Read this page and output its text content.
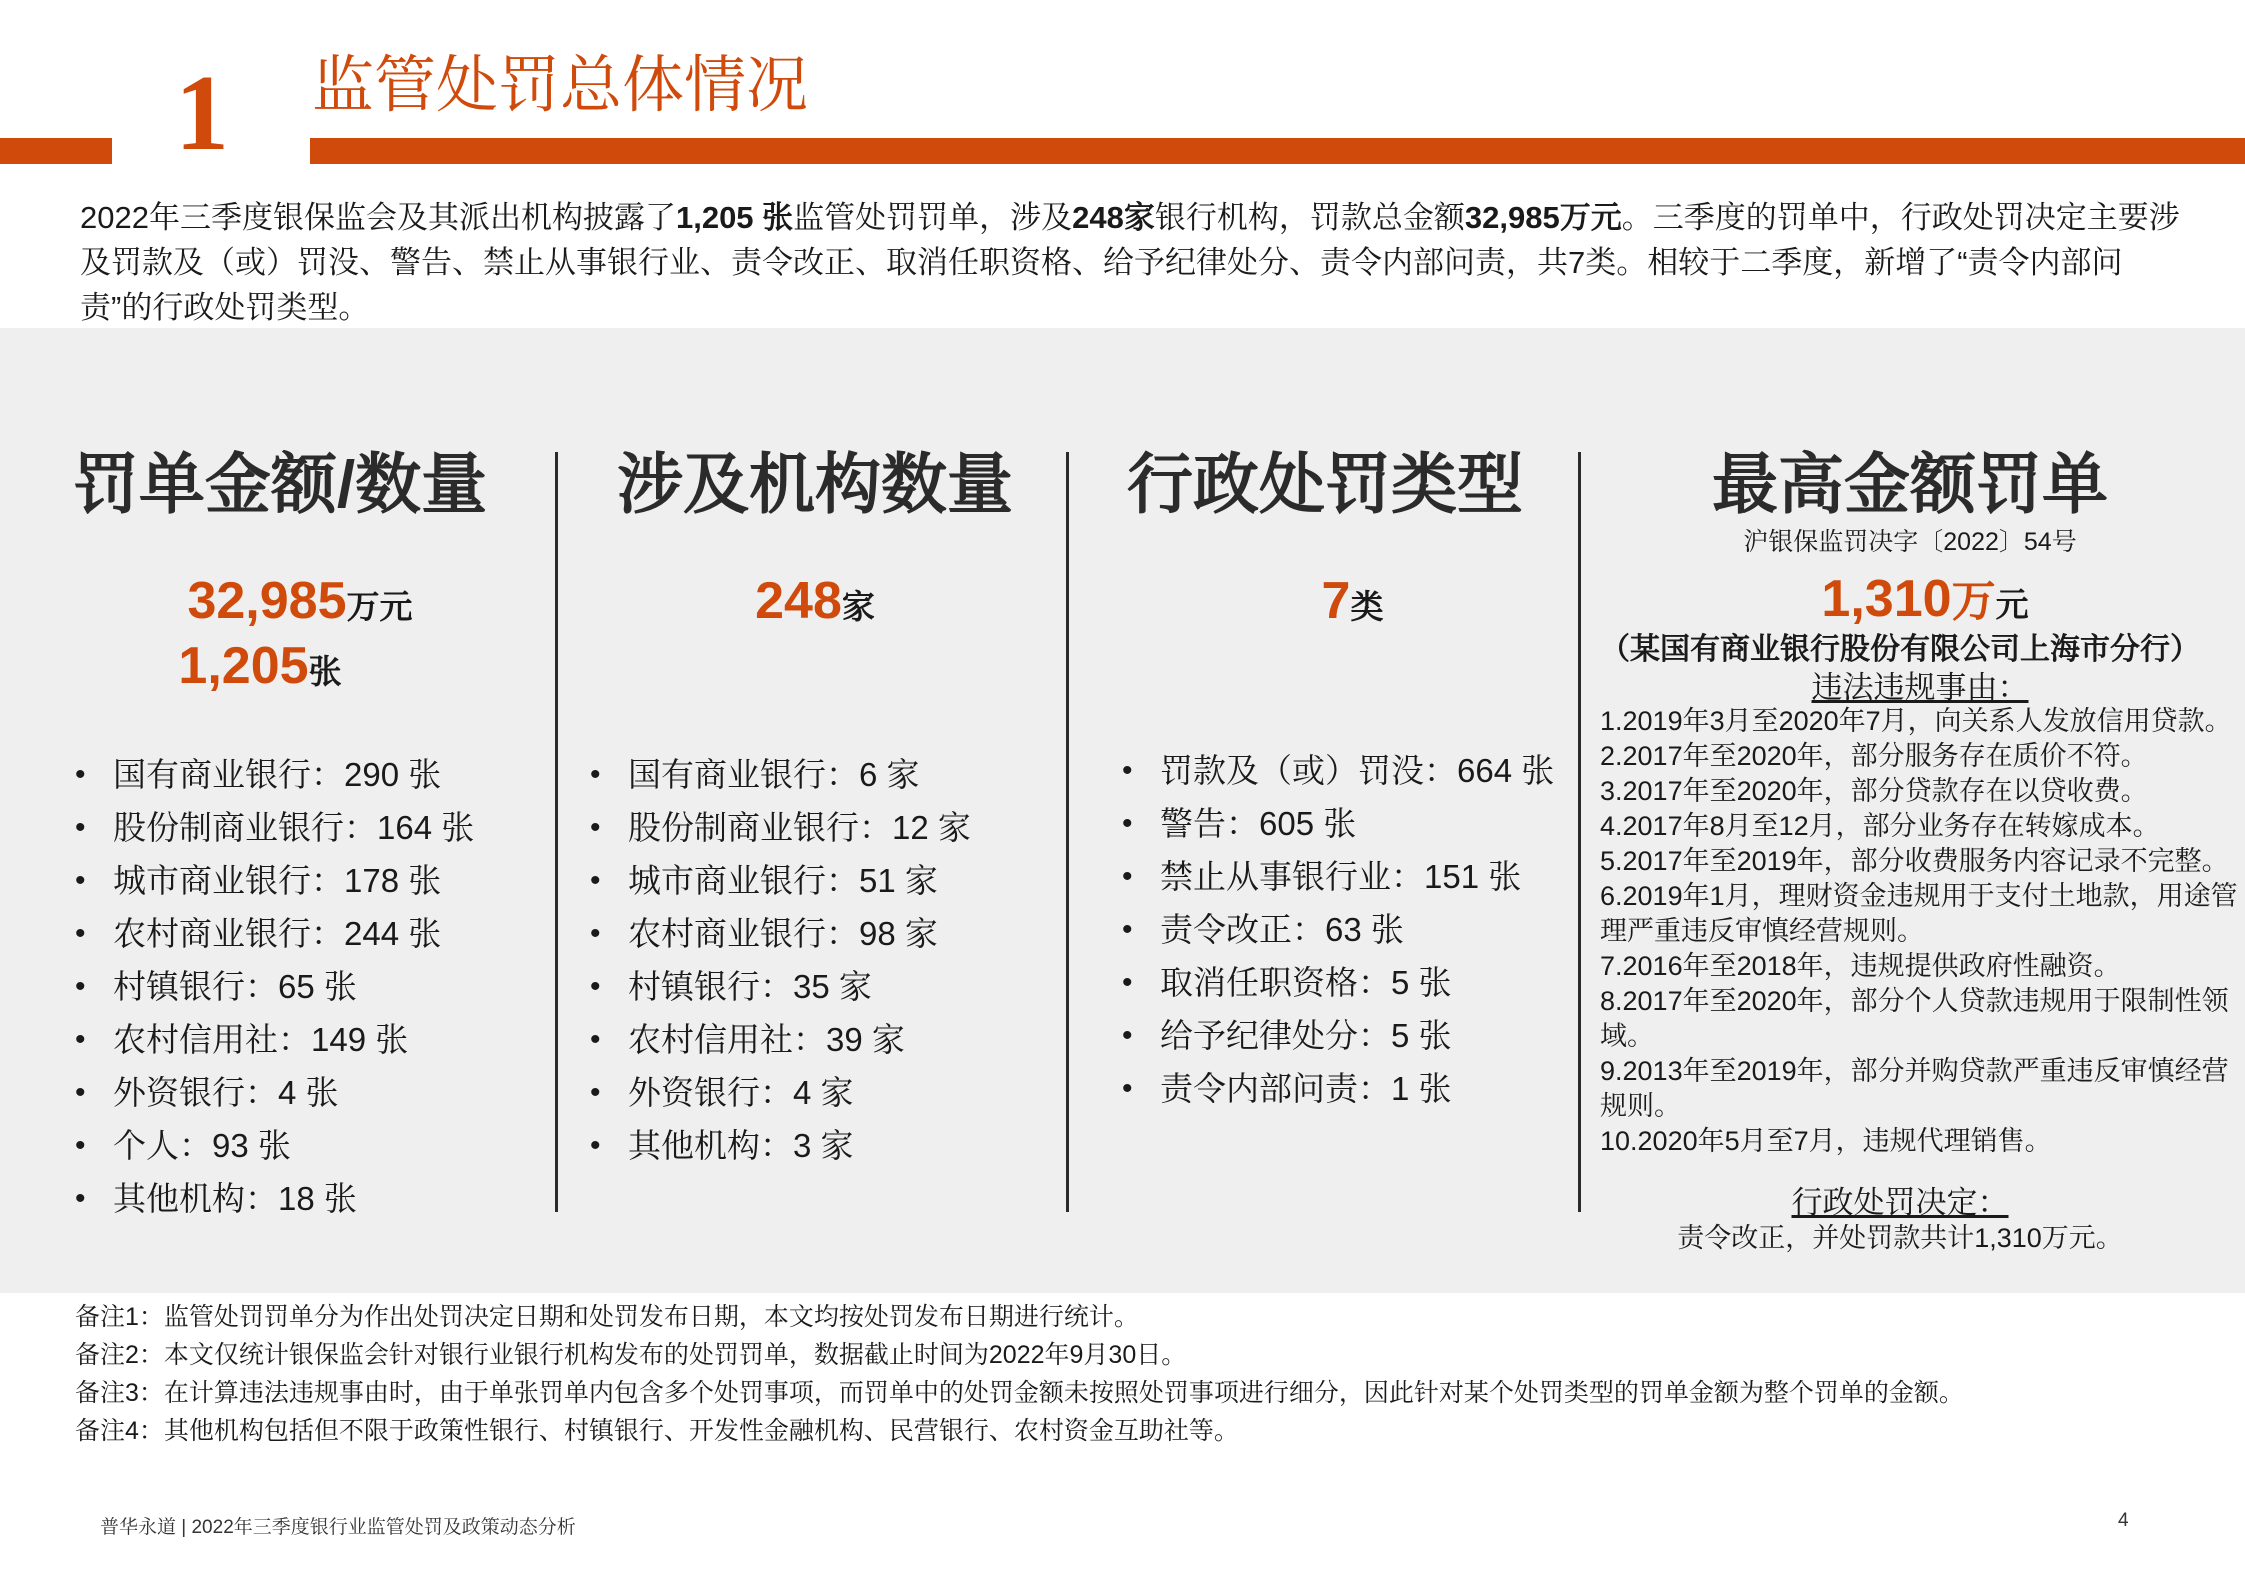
1 监管处罚总体情况
2022年三季度银保监会及其派出机构披露了1,205 张监管处罚罚单，涉及248家银行机构，罚款总金额32,985万元。三季度的罚单中，行政处罚决定主要涉及罚款及（或）罚没、警告、禁止从事银行业、责令改正、取消任职资格、给予纪律处分、责令内部问责，共7类。相较于二季度，新增了“责令内部问责”的行政处罚类型。
罚单金额/数量
32,985万元
1,205张
• 国有商业银行：290 张
• 股份制商业银行：164 张
• 城市商业银行：178 张
• 农村商业银行：244 张
• 村镇银行：65 张
• 农村信用社：149 张
• 外资银行：4 张
• 个人：93 张
• 其他机构：18 张
涉及机构数量
248家
• 国有商业银行：6 家
• 股份制商业银行：12 家
• 城市商业银行：51 家
• 农村商业银行：98 家
• 村镇银行：35 家
• 农村信用社：39 家
• 外资银行：4 家
• 其他机构：3 家
行政处罚类型
7类
• 罚款及（或）罚没：664 张
• 警告：605 张
• 禁止从事银行业：151 张
• 责令改正：63 张
• 取消任职资格：5 张
• 给予纪律处分：5 张
• 责令内部问责：1 张
最高金额罚单
沪银保监罚决字〔2022〕54号
1,310万元
（某国有商业银行股份有限公司上海市分行）
违法违规事由：
1.2019年3月至2020年7月，向关系人发放信用贷款。
2.2017年至2020年，部分服务存在质价不符。
3.2017年至2020年，部分贷款存在以贷收费。
4.2017年8月至12月，部分业务存在转嫁成本。
5.2017年至2019年，部分收费服务内容记录不完整。
6.2019年1月，理财资金违规用于支付土地款，用途管理严重违反审慎经营规则。
7.2016年至2018年，违规提供政府性融资。
8.2017年至2020年，部分个人贷款违规用于限制性领域。
9.2013年至2019年，部分并购贷款严重违反审慎经营规则。
10.2020年5月至7月，违规代理销售。
行政处罚决定：
责令改正，并处罚款共计1,310万元。
备注1：监管处罚罚单分为作出处罚决定日期和处罚发布日期，本文均按处罚发布日期进行统计。
备注2：本文仅统计银保监会针对银行业银行机构发布的处罚罚单，数据截止时间为2022年9月30日。
备注3：在计算违法违规事由时，由于单张罚单内包含多个处罚事项，而罚单中的处罚金额未按照处罚事项进行细分，因此针对某个处罚类型的罚单金额为整个罚单的金额。
备注4：其他机构包括但不限于政策性银行、村镇银行、开发性金融机构、民营银行、农村资金互助社等。
普华永道 | 2022年三季度银行业监管处罚及政策动态分析	4
